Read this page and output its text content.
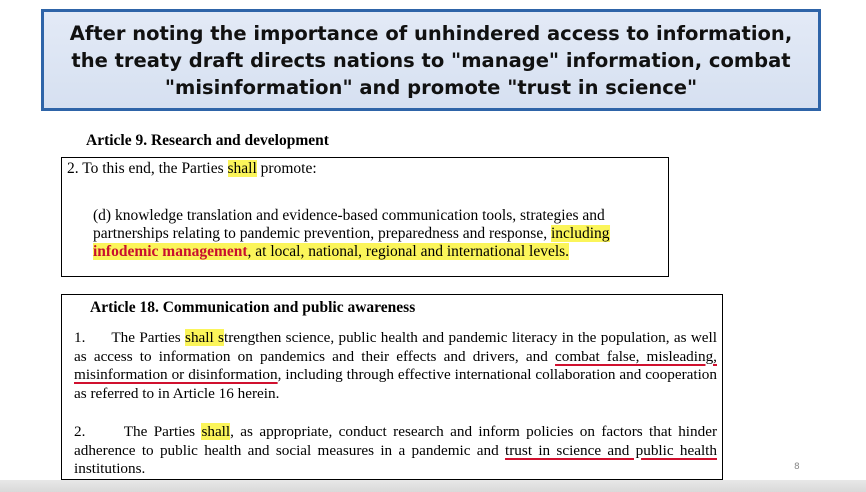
After noting the importance of unhindered access to information, the treaty draft directs nations to "manage" information, combat "misinformation" and promote "trust in science"
Article 9. Research and development
2. To this end, the Parties shall promote:
(d) knowledge translation and evidence-based communication tools, strategies and partnerships relating to pandemic prevention, preparedness and response, including infodemic management, at local, national, regional and international levels.
Article 18. Communication and public awareness
1. The Parties shall strengthen science, public health and pandemic literacy in the population, as well as access to information on pandemics and their effects and drivers, and combat false, misleading, misinformation or disinformation, including through effective international collaboration and cooperation as referred to in Article 16 herein.
2.	The Parties shall, as appropriate, conduct research and inform policies on factors that hinder adherence to public health and social measures in a pandemic and trust in science and public health institutions.	8
